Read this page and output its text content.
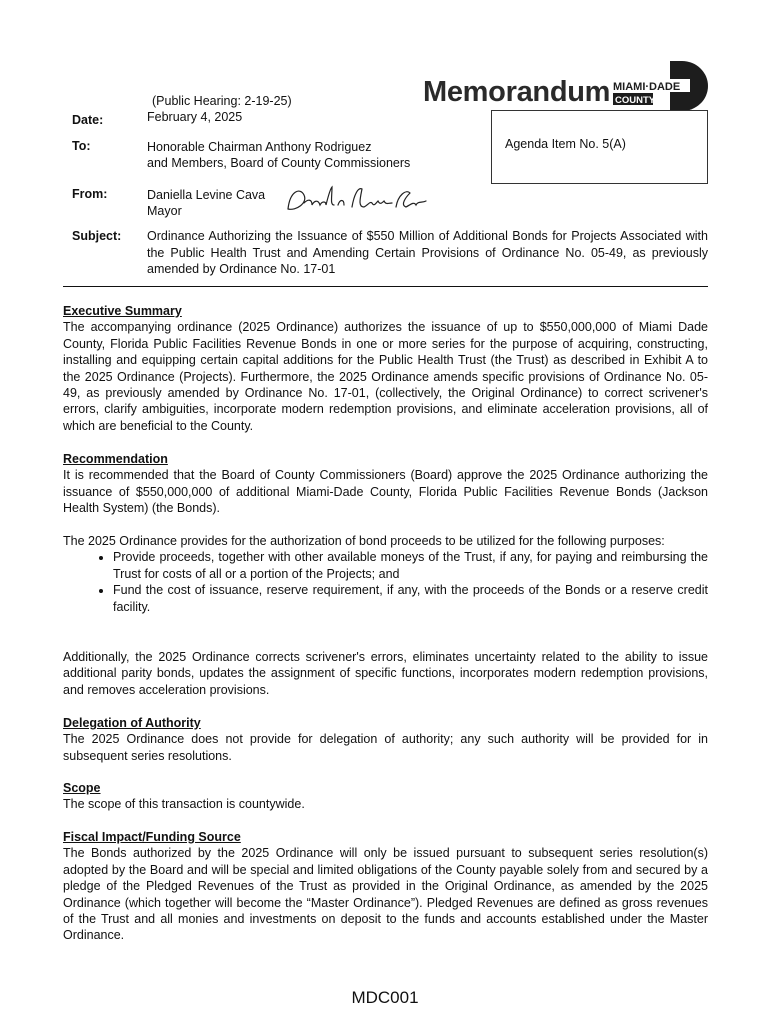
Memorandum MIAMI·DADE
COUNTY
Date:
(Public Hearing: 2-19-25)
February 4, 2025
Agenda Item No. 5(A)
To:	Honorable Chairman Anthony Rodriguez
and Members, Board of County Commissioners
From:	Daniella Levine Cava
Mayor
Subject: Ordinance Authorizing the Issuance of $550 Million of Additional Bonds for Projects Associated with the Public Health Trust and Amending Certain Provisions of Ordinance No. 05-49, as previously amended by Ordinance No. 17-01
Executive Summary
The accompanying ordinance (2025 Ordinance) authorizes the issuance of up to $550,000,000 of Miami Dade County, Florida Public Facilities Revenue Bonds in one or more series for the purpose of acquiring, constructing, installing and equipping certain capital additions for the Public Health Trust (the Trust) as described in Exhibit A to the 2025 Ordinance (Projects). Furthermore, the 2025 Ordinance amends specific provisions of Ordinance No. 05-49, as previously amended by Ordinance No. 17-01, (collectively, the Original Ordinance) to correct scrivener's errors, clarify ambiguities, incorporate modern redemption provisions, and eliminate acceleration provisions, all of which are beneficial to the County.
Recommendation
It is recommended that the Board of County Commissioners (Board) approve the 2025 Ordinance authorizing the issuance of $550,000,000 of additional Miami-Dade County, Florida Public Facilities Revenue Bonds (Jackson Health System) (the Bonds).
The 2025 Ordinance provides for the authorization of bond proceeds to be utilized for the following purposes:
• Provide proceeds, together with other available moneys of the Trust, if any, for paying and reimbursing the Trust for costs of all or a portion of the Projects; and
• Fund the cost of issuance, reserve requirement, if any, with the proceeds of the Bonds or a reserve credit facility.
Additionally, the 2025 Ordinance corrects scrivener's errors, eliminates uncertainty related to the ability to issue additional parity bonds, updates the assignment of specific functions, incorporates modern redemption provisions, and removes acceleration provisions.
Delegation of Authority
The 2025 Ordinance does not provide for delegation of authority; any such authority will be provided for in subsequent series resolutions.
Scope
The scope of this transaction is countywide.
Fiscal Impact/Funding Source
The Bonds authorized by the 2025 Ordinance will only be issued pursuant to subsequent series resolution(s) adopted by the Board and will be special and limited obligations of the County payable solely from and secured by a pledge of the Pledged Revenues of the Trust as provided in the Original Ordinance, as amended by the 2025 Ordinance (which together will become the “Master Ordinance”). Pledged Revenues are defined as gross revenues of the Trust and all monies and investments on deposit to the funds and accounts established under the Master Ordinance.
MDC001
